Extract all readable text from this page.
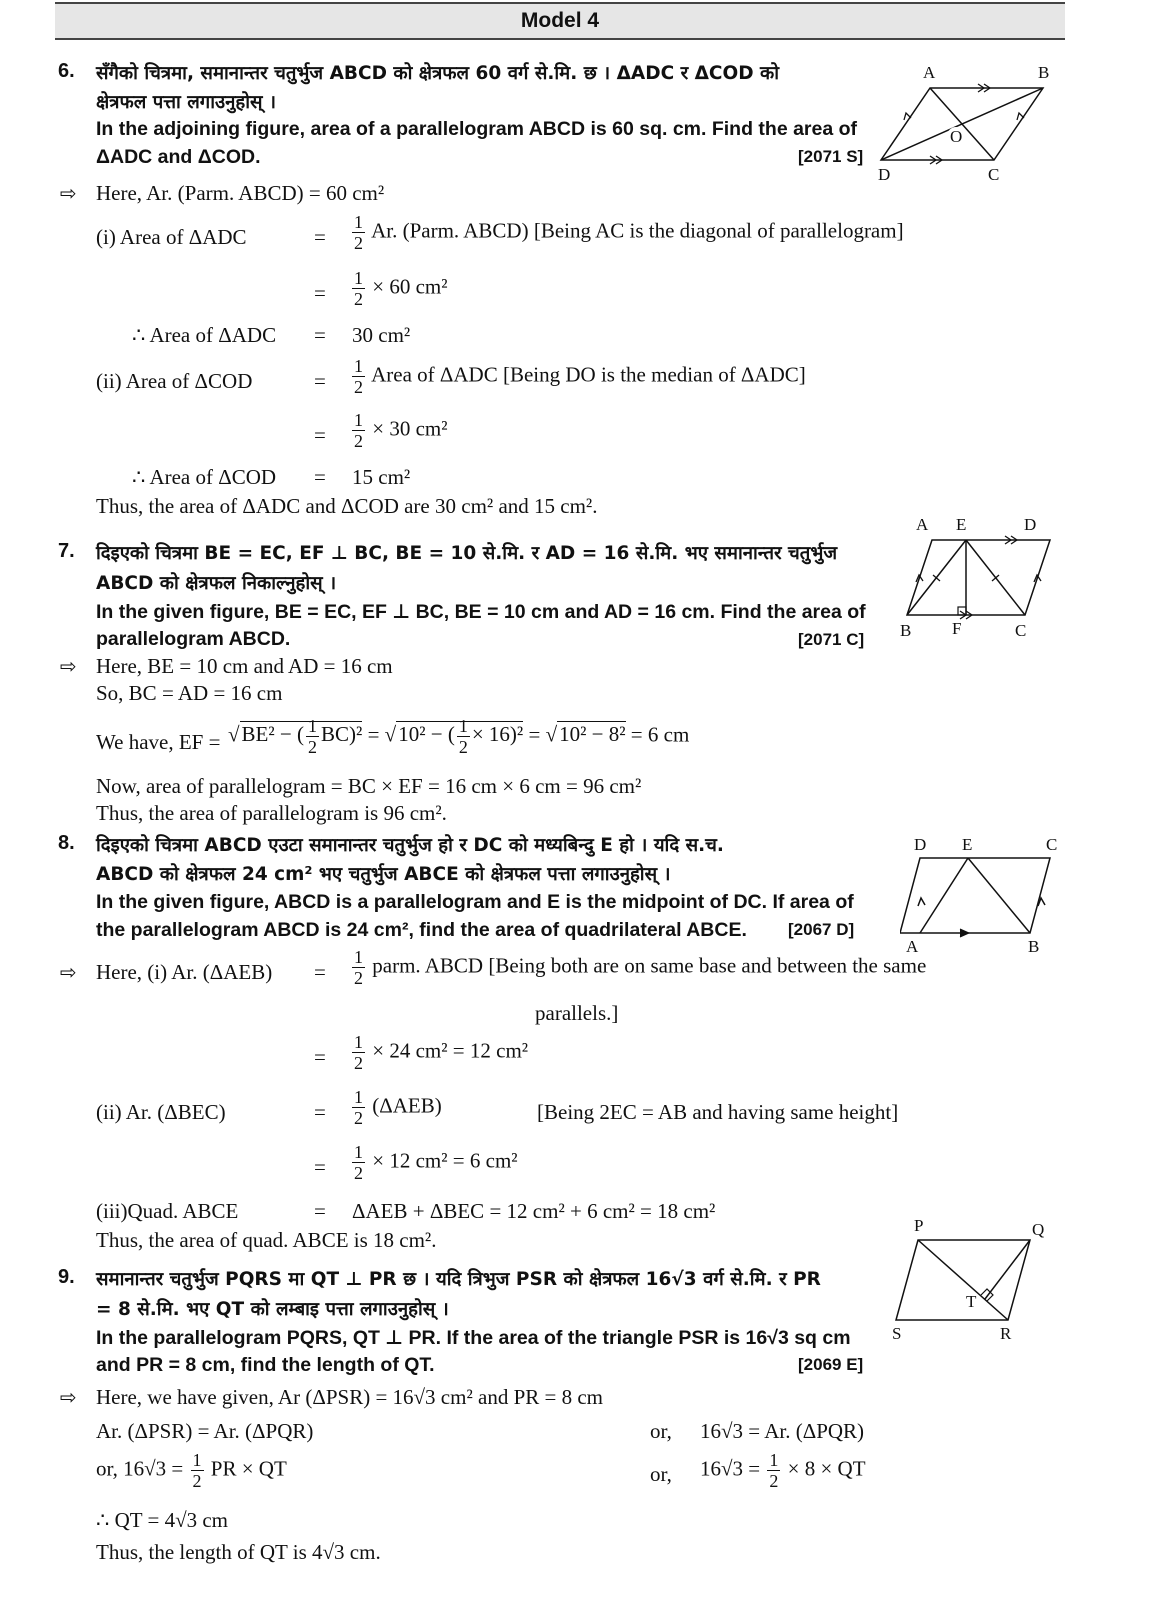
Model 4
6. सँगैको चित्रमा, समानान्तर चतुर्भुज ABCD को क्षेत्रफल 60 वर्ग से.मि. छ । ΔADC र ΔCOD को
क्षेत्रफल पत्ता लगाउनुहोस् ।
In the adjoining figure, area of a parallelogram ABCD is 60 sq. cm. Find the area of
ΔADC and ΔCOD.	[2071 S]
A	B
O
D	C
⇨ Here, Ar. (Parm. ABCD) = 60 cm²
(i) Area of ΔADC	= $\frac{1}{2} Ar$. (Parm. ABCD) [Being AC is the diagonal of parallelogram]
= $\frac{1}{2} \times 60$ cm²
∴ Area of ΔADC = 30 cm²
(ii) Area of ΔCOD	= $\frac{1}{2}$ Area of ΔADC [Being DO is the median of ΔADC]
= $\frac{1}{2} \times 30$ cm²
∴ Area of ΔCOD = 15 cm²
Thus, the area of ΔADC and ΔCOD are 30 cm² and 15 cm².
7. दिइएको चित्रमा BE = EC, EF ⊥ BC, BE = 10 से.मि. र AD = 16 से.मि. भए समानान्तर चतुर्भुज
ABCD को क्षेत्रफल निकाल्नुहोस् ।
In the given figure, BE = EC, EF ⊥ BC, BE = 10 cm and AD = 16 cm. Find the area of
parallelogram ABCD.	[2071 C]
A E	D
B F	C
⇨ Here, BE = 10 cm and AD = 16 cm
So, BC = AD = 16 cm
We have, EF = √BE² − ( $\frac{1}{2} BC)^2 = √10^2$ − ( $\frac{1}{2} \times 16)^2 = √10^2 - 8^2 = 6$ cm
Now, area of parallelogram = BC × EF = 16 cm × 6 cm = 96 cm²
Thus, the area of parallelogram is 96 cm².
8. दिइएको चित्रमा ABCD एउटा समानान्तर चतुर्भुज हो र DC को मध्यबिन्दु E हो । यदि स.च.
ABCD को क्षेत्रफल 24 cm² भए चतुर्भुज ABCE को क्षेत्रफल पत्ता लगाउनुहोस् ।
In the given figure, ABCD is a parallelogram and E is the midpoint of DC. If area of
the parallelogram ABCD is 24 cm², find the area of quadrilateral ABCE. [2067 D]
D E	C
A	B
⇨ Here, (i) Ar. $(\Delta AEB) = \frac{1}{2}$ parm. ABCD [Being both are on same base and between the same
parallels.]
= $\frac{1}{2} \times 24$ cm² = 12 cm²
(ii) Ar. (ΔBEC)	= $\frac{1}{2} (\Delta AEB)$	[Being 2EC = AB and having same height]
= $\frac{1}{2} \times 12$ cm² = 6 cm²
(iii)Quad. ABCE	= ΔAEB + ΔBEC = 12 cm² + 6 cm² = 18 cm²
Thus, the area of quad. ABCE is 18 cm².
9. समानान्तर चतुर्भुज PQRS मा QT ⊥ PR छ । यदि त्रिभुज PSR को क्षेत्रफल 16√3 वर्ग से.मि. र PR
= 8 से.मि. भए QT को लम्बाइ पत्ता लगाउनुहोस् ।
In the parallelogram PQRS, QT ⊥ PR. If the area of the triangle PSR is 16√3 sq cm
and PR = 8 cm, find the length of QT.	[2069 E]
P	Q
T
S	R
⇨ Here, we have given, Ar (ΔPSR) = 16√3 cm² and PR = 8 cm
Ar. (ΔPSR) = Ar. (ΔPQR)	or, 16√3 = Ar. (ΔPQR)
or, $16√3 = \frac{1}{2}$ PR × QT	or, $16√3 = \frac{1}{2} \times 8$ × QT
∴ QT = 4√3 cm
Thus, the length of QT is 4√3 cm.
